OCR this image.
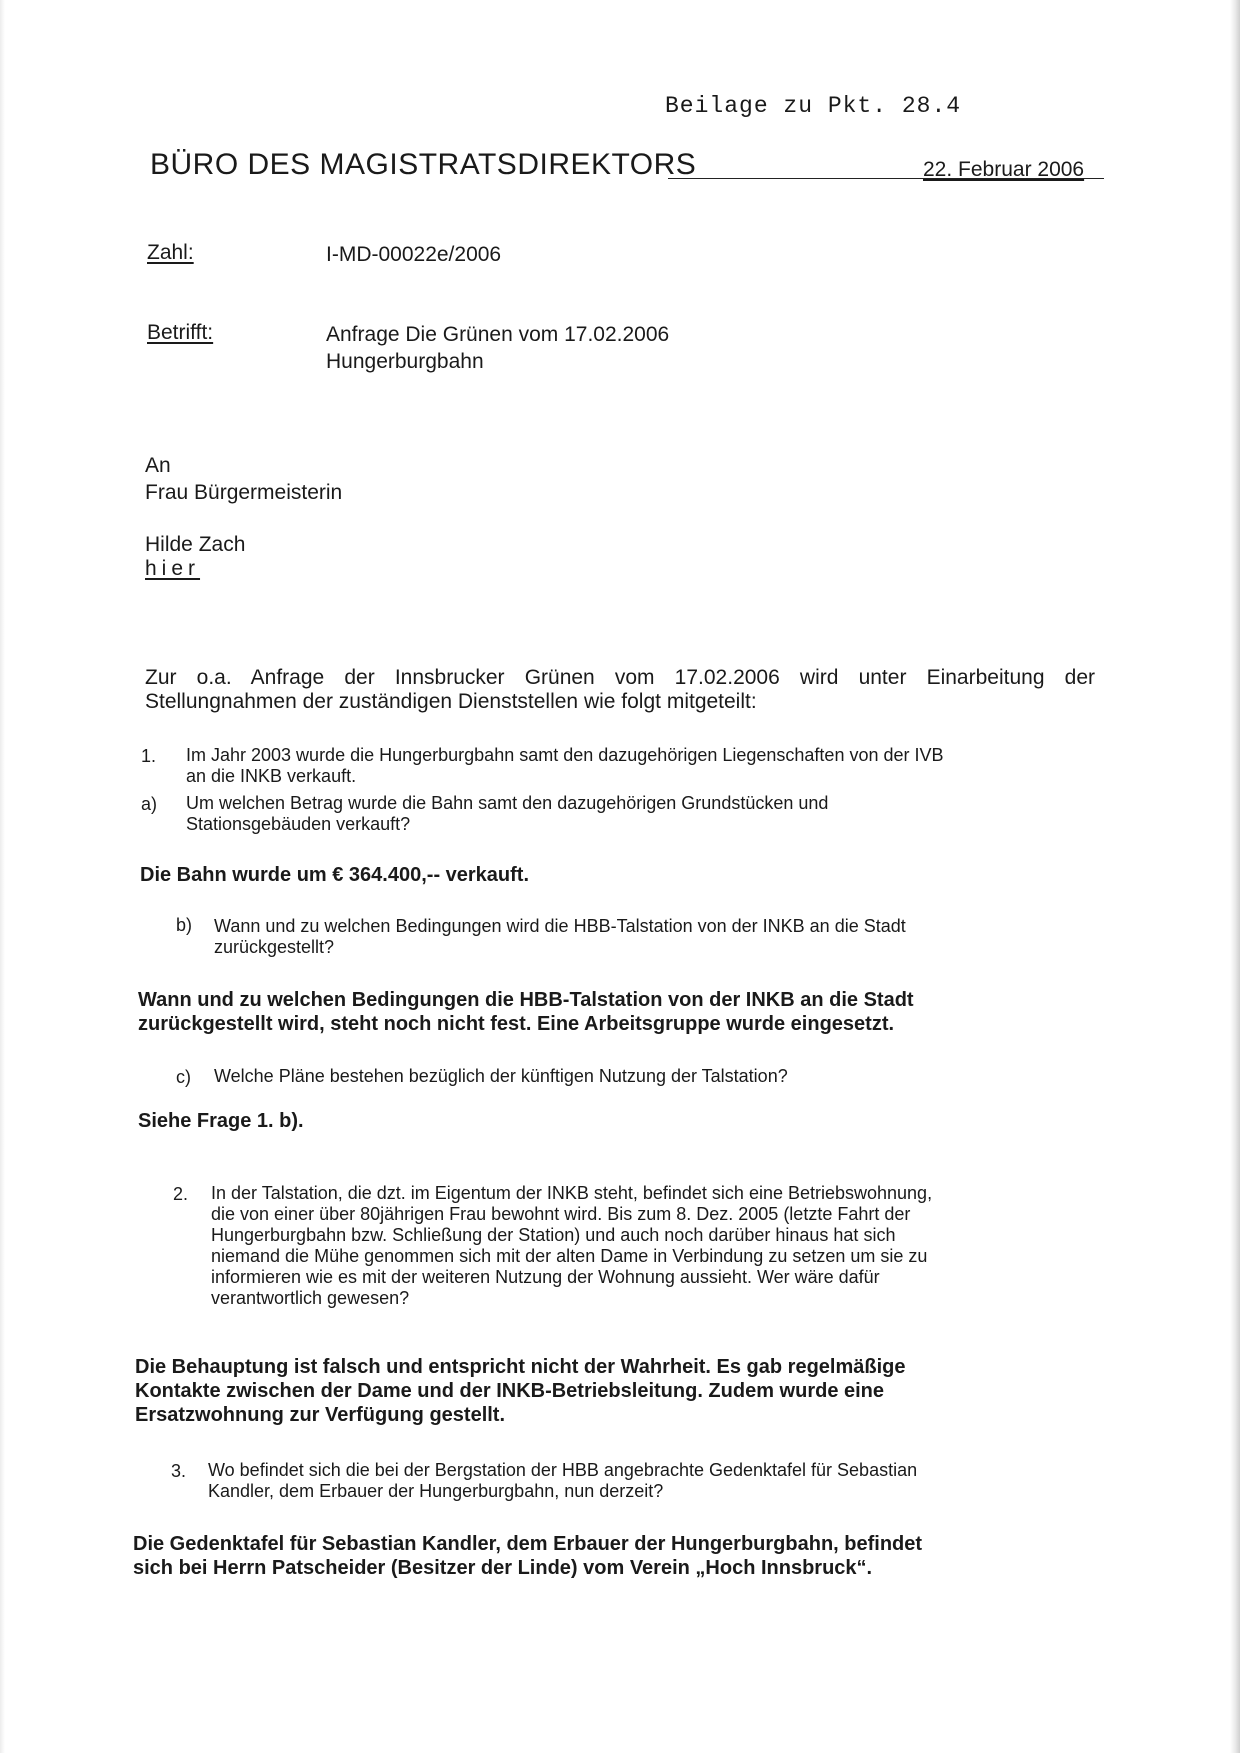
Beilage zu Pkt. 28.4

BÜRO DES MAGISTRATSDIREKTORS	22. Februar 2006

Zahl:	I-MD-00022e/2006

Betrifft:	Anfrage Die Grünen vom 17.02.2006

Hungerburgbahn

An

Frau Bürgermeisterin

Hilde Zach

hier

Zur o.a. Anfrage der Innsbrucker Grünen vom 17.02.2006 wird unter Einarbeitung der
Stellungnahmen der zuständigen Dienststellen wie folgt mitgeteilt:

1. Im Jahr 2003 wurde die Hungerburgbahn samt den dazugehörigen Liegenschaften von der IVB
an die INKB verkauft.

a) Um welchen Betrag wurde die Bahn samt den dazugehörigen Grundstücken und
Stationsgebäuden verkauft?
Die Bahn wurde um € 364.400,-- verkauft.

b) Wann und zu welchen Bedingungen wird die HBB-Talstation von der INKB an die Stadt
zurückgestellt?
Wann und zu welchen Bedingungen die HBB-Talstation von der INKB an die Stadt
zurückgestellt wird, steht noch nicht fest. Eine Arbeitsgruppe wurde eingesetzt.

c) Welche Pläne bestehen bezüglich der künftigen Nutzung der Talstation?
Siehe Frage 1. b).

2. In der Talstation, die dzt. im Eigentum der INKB steht, befindet sich eine Betriebswohnung,
die von einer über 80jährigen Frau bewohnt wird. Bis zum 8. Dez. 2005 (letzte Fahrt der
Hungerburgbahn bzw. Schließung der Station) und auch noch darüber hinaus hat sich
niemand die Mühe genommen sich mit der alten Dame in Verbindung zu setzen um sie zu
informieren wie es mit der weiteren Nutzung der Wohnung aussieht. Wer wäre dafür
verantwortlich gewesen?
Die Behauptung ist falsch und entspricht nicht der Wahrheit. Es gab regelmäßige
Kontakte zwischen der Dame und der INKB-Betriebsleitung. Zudem wurde eine
Ersatzwohnung zur Verfügung gestellt.

3. Wo befindet sich die bei der Bergstation der HBB angebrachte Gedenktafel für Sebastian
Kandler, dem Erbauer der Hungerburgbahn, nun derzeit?
Die Gedenktafel für Sebastian Kandler, dem Erbauer der Hungerburgbahn, befindet
sich bei Herrn Patscheider (Besitzer der Linde) vom Verein „Hoch Innsbruck“.
